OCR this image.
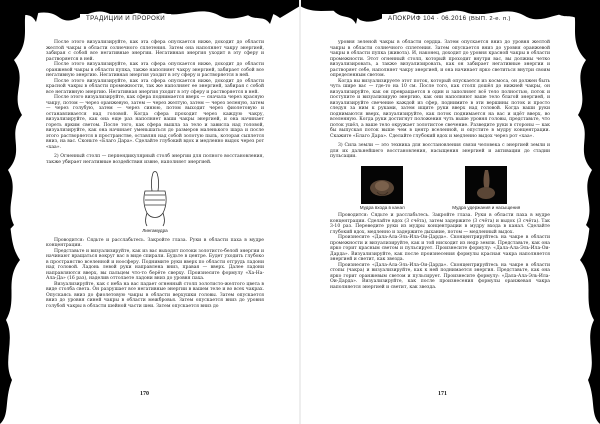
ТРАДИЦИИ И ПРОРОКИ

После этого визуализируйте, как эта сфера опускается ниже, доходит до области желтой чакры в области солнечного сплетения. Затем она наполняет чакру энергией, забирая с собой все негативные энергии. Негативная энергия уходит в эту сферу и растворяется в ней.

После этого визуализируйте, как эта сфера опускается ниже, доходит до области оранжевой чакры в области пупка, также наполняет чакру энергией, забирает собой все негативную энергию. Негативная энергия уходит в эту сферу и растворяется в ней.

После этого визуализируйте, как эта сфера опускается ниже, доходит до области красной чакры в области промежности, так же наполняет ее энергией, забирая с собой все негативную энергию. Негативная энергия уходит в эту сферу и растворяется в ней.

После этого визуализируйте, как сфера поднимается вверх — сначала через красную чакру, потом — через оранжевую, затем — через желтую, затем — через зеленую, затем — через голубую, затем — через синюю, потом выходит через фиолетовую и останавливается над головой. Когда сфера проходит через каждую чакру, визуализируйте, как она еще раз наполняет ваши чакры энергией, и она начинает гореть ярким светом. После того, как сфера вышла за тело и зависла над головой, визуализируйте, как она начинает уменьшаться до размеров маленького шара и после этого растворяется в пространстве, оставляя над собой золотую пыль, которая сыплется вниз, на вас. Сконьте «Благо Дара». Сделайте глубокий вдох и медленно выдох через рот «хаа».

2) Огненный столп — перпендикулярный столб энергии для полного восстановления, также убирает негативные воздействия извне, наполняет энергией.

Лингамудра

Проводится: Сядьте и расслабьтесь. Закройте глаза. Руки в области паха в мудре концентрации.

Представьте и визуализируйте, как из вас выходят потоки золотисто-белой энергии и начинают вращаться вокруг вас в виде спирали. Будьте в центре. Будет уходить глубоко в пространство вселенной и ноосферу. Поднимите руки вверх по области отгрудь ладони над головой. Ладонь левой руки направлена вниз, правая — вверх. Далее ладони направляются вверх, вы пальцем что-то берёте сверху. Произнесите формулу «Ха-На-Ала-Да» (16 раз), наделив оттолаете ладони вниз до уровня паха.

Визуализируйте, как с неба на вас падает огненный столп золотисто-желтого цвета в виде столба света. Он разрушает все негативные энергии в вашем теле и во всех чакрах. Опускаясь вниз до фиолетовую чакры в области верхушки головы. Затем опускается вниз до уровня синей чакры в области межбровья. Затем опускается вниз до уровня голубой чакры в области шейной части шеи. Затем опускается вниз до

170
АПОКРИФ 104 · 06.2016 (ВЫП. 2-е. п.)

уровня зеленой чакры в области сердца. Затем опускается вниз до уровня желтой чакры в области солнечного сплетения. Затем опускается вниз до уровня оранжевой чакры в области пупка (живота). И, наконец, доходит до уровня красной чакры в области промежности. Этот огненный столп, который проходит внутри вас, вы должны четко визуализировать, а также визуализировать, как он забирает негативные энергии и растворяет себе, наполняет чакру энергией, и она начинает ярко светиться внутри своим определенным светом.

Когда вы визуализируете этот поток, который опускается из космоса, он должен быть чуть шире вас — где-то на 10 см. После того, как столп дошёл до нижней чакры, он визуализируйте, как он превращается в один и заполняет всё тело полностью, поток и поступите и визуализирую энергию, как они наполняют ваше тело благой энергией, и визуализируйте свечение каждой из сфер, поднимите в эти вершины поток и просто следуя за ним к руками, затем ищите руки вверх над головой. Когда ваши руки поднимаются вверх, визуализируйте, как поток поднимается на вас и идёт вверх, во вселенную. Когда руки достигнут положения чуть выше уровня головы, представьте, что поток ушёл, а ваше тело окружает золотистое свечение. Разведите руки в стороны — как бы выпуская поток выше чем в центр вселенной, и опустите в мудру концентрации. Скажите «Благо Дара». Сделайте глубокий вдох и медленно выдох через рот «хаа».

3) Сила земли — это техника для восстановления связи человека с энергией земли и для их дальнейшего восстановления, насыщения энергией и активации до стадии пульсации.

Мудра входа в канал	Мудра удержания и насыщения

Проводится: Сядьте и расслабьтесь. Закройте глаза. Руки в области паха в мудре концентрации. Сделайте вдох (3 счёта), затем задержите (3 счёта) и выдох (3 счёта). Так 3-10 раз. Переведите руки из мудры концентрации в мудру входа в канал. Сделайте глубокий вдох, медленно и задержите дыхание, потом — медленный выдох.

Произнесите «Дала-Ала-Эль-Ила-Ои-Дарда». Сконцентрируйтесь на чакре в области промежности и визуализируйте, как и той нисходит из недр земли. Представьте, как она ярко горит красным светом и пульсирует. Произнесите формулу: «Дала-Ала-Эль-Ила-Ои-Дарда». Визуализируйте, как после произнесения формулы красная чакра наполняется энергией и светит, как звезда.

Произнесите «Дала-Ала-Эль-Ила-Ои-Дарда». Сконцентрируйтесь на чакре в области стопы (чакра) и визуализируйте, как к ней поднимается энергия. Представьте, как она ярко горит оранжевым светом и пульсирует. Произнесите формулу: «Дала-Ала-Эль-Ила-Ои-Дарда». Визуализируйте, как после произнесения формулы оранжевая чакра наполняется энергией и светит, как звезда.

171
